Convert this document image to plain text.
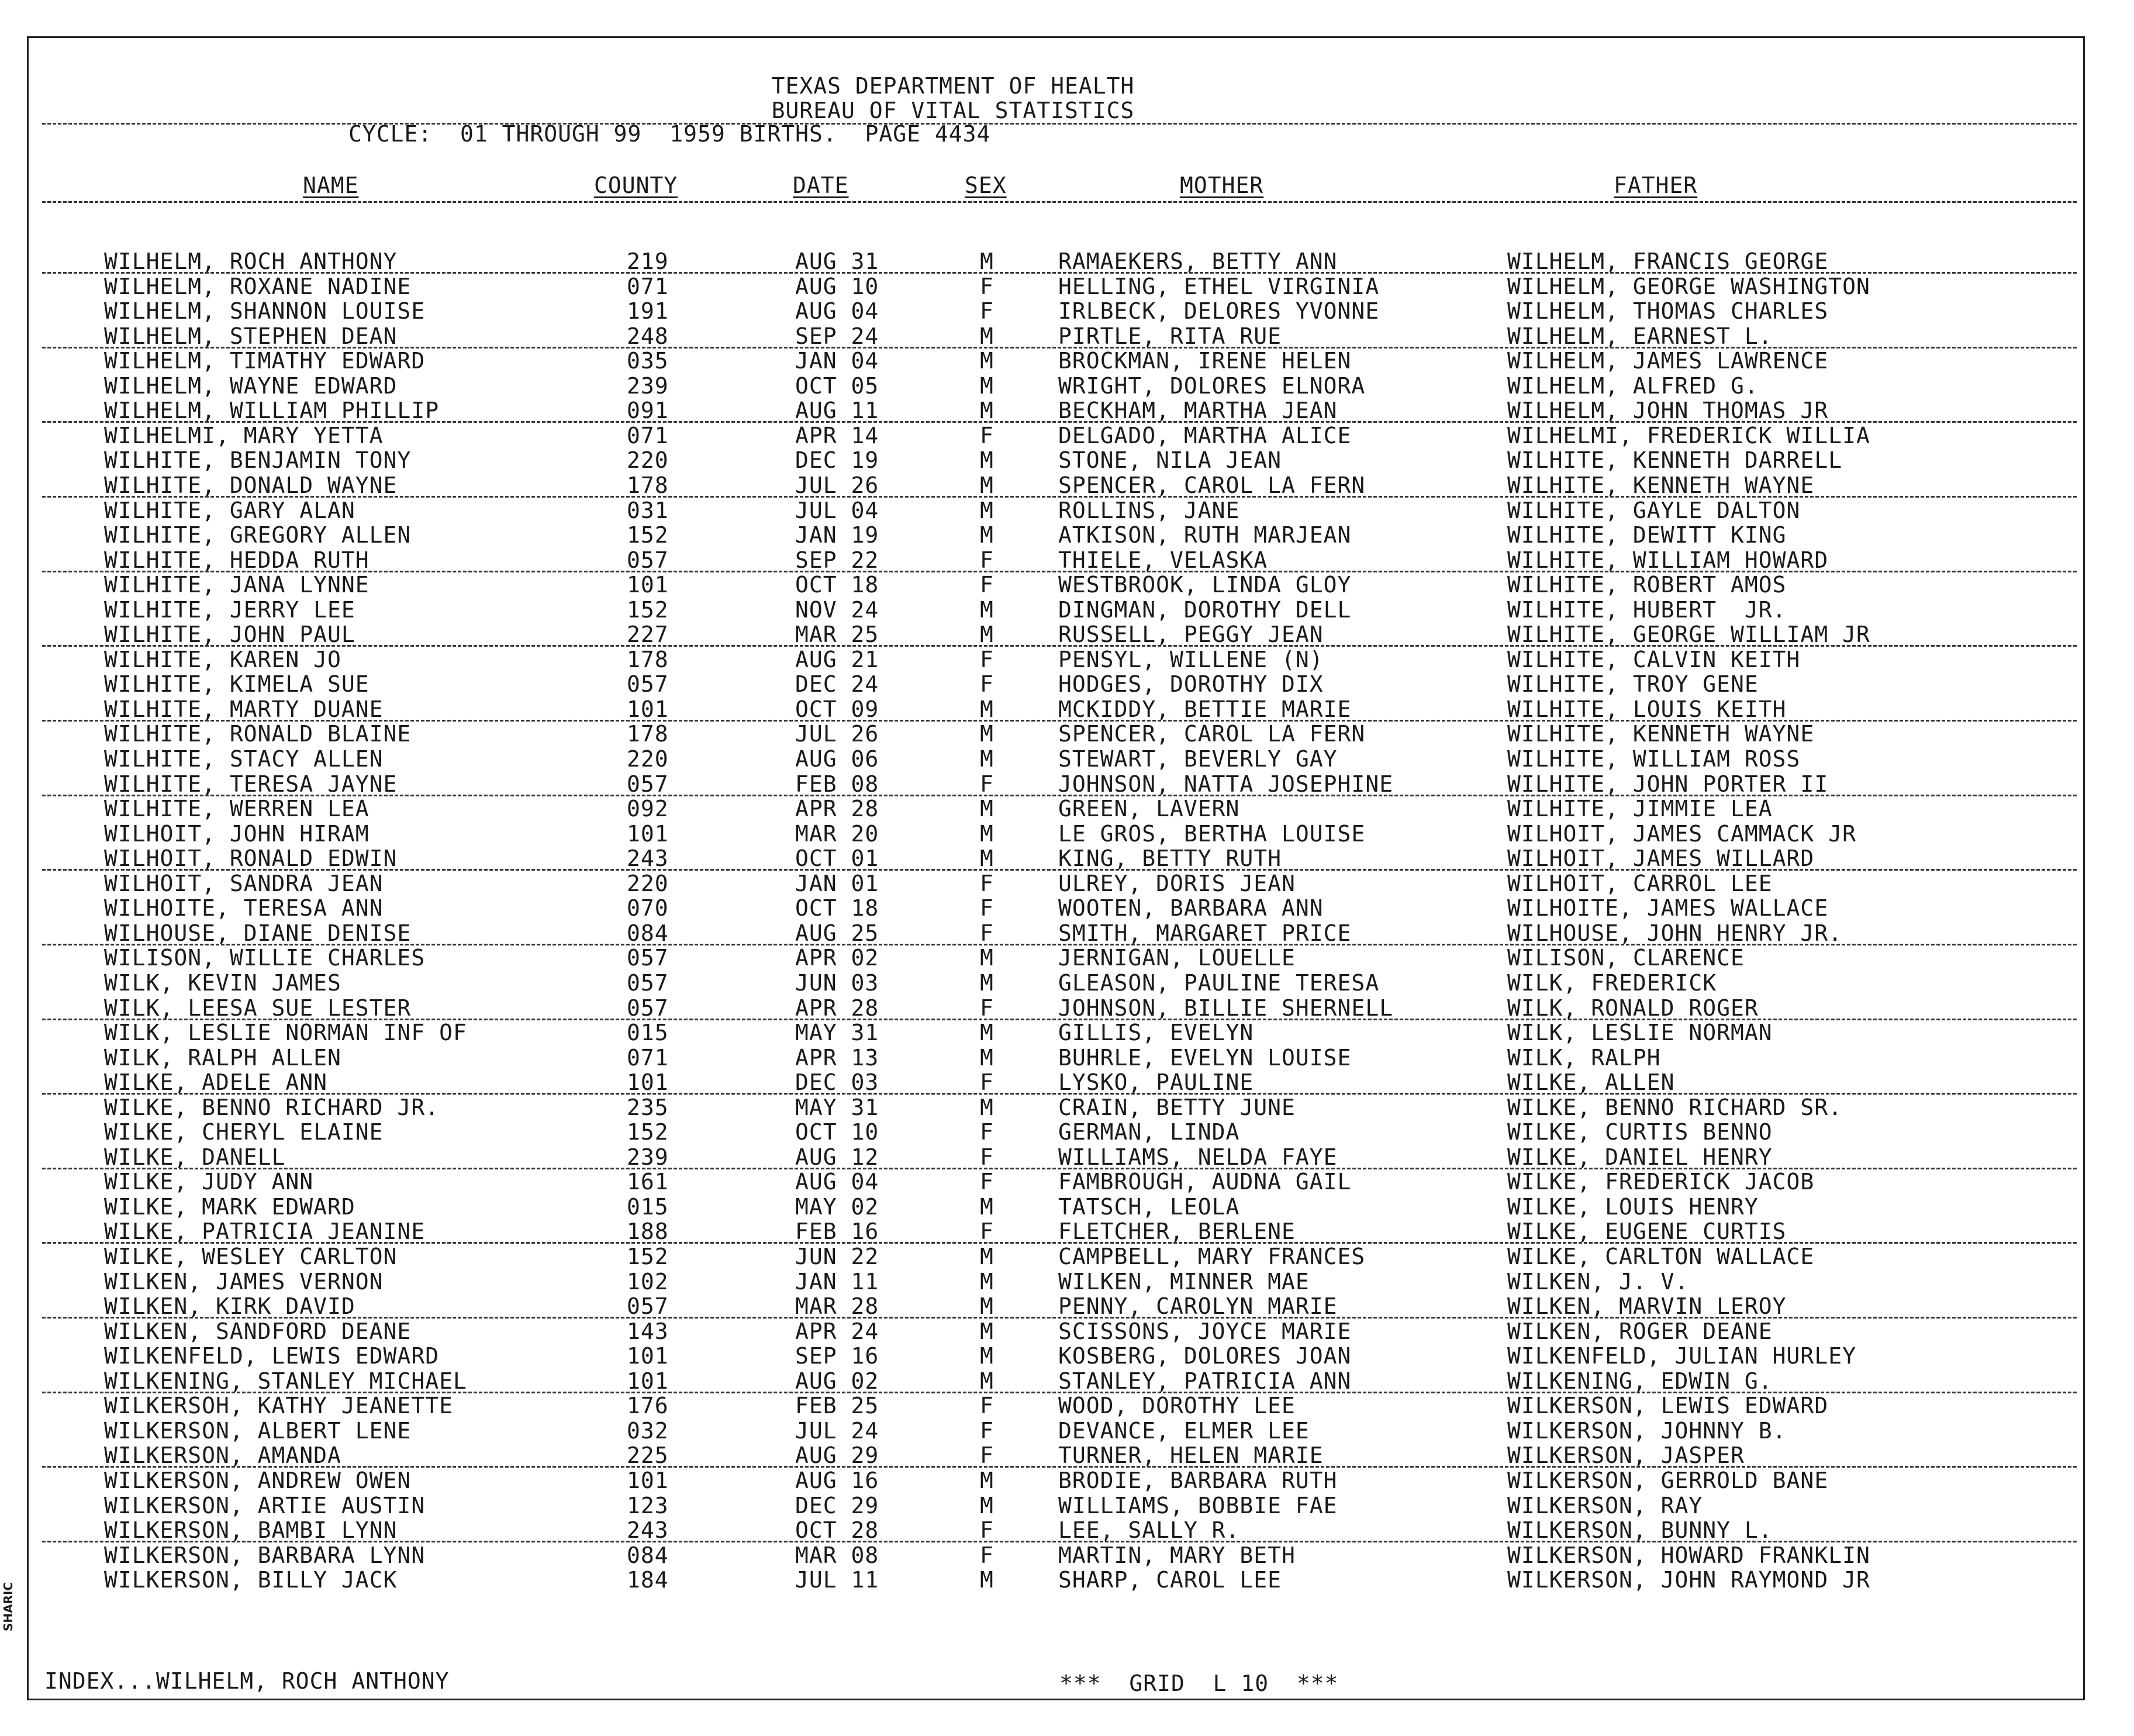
TEXAS DEPARTMENT OF HEALTH
BUREAU OF VITAL STATISTICS
CYCLE:  01 THROUGH 99  1959 BIRTHS.  PAGE 4434
NAME	COUNTY	DATE	SEX	MOTHER	FATHER
WILHELM, ROCH ANTHONY	219	AUG 31	M	RAMAEKERS, BETTY ANN	WILHELM, FRANCIS GEORGE
WILHELM, ROXANE NADINE	071	AUG 10	F	HELLING, ETHEL VIRGINIA	WILHELM, GEORGE WASHINGTON
WILHELM, SHANNON LOUISE	191	AUG 04	F	IRLBECK, DELORES YVONNE	WILHELM, THOMAS CHARLES
WILHELM, STEPHEN DEAN	248	SEP 24	M	PIRTLE, RITA RUE	WILHELM, EARNEST L.
WILHELM, TIMATHY EDWARD	035	JAN 04	M	BROCKMAN, IRENE HELEN	WILHELM, JAMES LAWRENCE
WILHELM, WAYNE EDWARD	239	OCT 05	M	WRIGHT, DOLORES ELNORA	WILHELM, ALFRED G.
WILHELM, WILLIAM PHILLIP	091	AUG 11	M	BECKHAM, MARTHA JEAN	WILHELM, JOHN THOMAS JR
WILHELMI, MARY YETTA	071	APR 14	F	DELGADO, MARTHA ALICE	WILHELMI, FREDERICK WILLIA
WILHITE, BENJAMIN TONY	220	DEC 19	M	STONE, NILA JEAN	WILHITE, KENNETH DARRELL
WILHITE, DONALD WAYNE	178	JUL 26	M	SPENCER, CAROL LA FERN	WILHITE, KENNETH WAYNE
WILHITE, GARY ALAN	031	JUL 04	M	ROLLINS, JANE	WILHITE, GAYLE DALTON
WILHITE, GREGORY ALLEN	152	JAN 19	M	ATKISON, RUTH MARJEAN	WILHITE, DEWITT KING
WILHITE, HEDDA RUTH	057	SEP 22	F	THIELE, VELASKA	WILHITE, WILLIAM HOWARD
WILHITE, JANA LYNNE	101	OCT 18	F	WESTBROOK, LINDA GLOY	WILHITE, ROBERT AMOS
WILHITE, JERRY LEE	152	NOV 24	M	DINGMAN, DOROTHY DELL	WILHITE, HUBERT  JR.
WILHITE, JOHN PAUL	227	MAR 25	M	RUSSELL, PEGGY JEAN	WILHITE, GEORGE WILLIAM JR
WILHITE, KAREN JO	178	AUG 21	F	PENSYL, WILLENE (N)	WILHITE, CALVIN KEITH
WILHITE, KIMELA SUE	057	DEC 24	F	HODGES, DOROTHY DIX	WILHITE, TROY GENE
WILHITE, MARTY DUANE	101	OCT 09	M	MCKIDDY, BETTIE MARIE	WILHITE, LOUIS KEITH
WILHITE, RONALD BLAINE	178	JUL 26	M	SPENCER, CAROL LA FERN	WILHITE, KENNETH WAYNE
WILHITE, STACY ALLEN	220	AUG 06	M	STEWART, BEVERLY GAY	WILHITE, WILLIAM ROSS
WILHITE, TERESA JAYNE	057	FEB 08	F	JOHNSON, NATTA JOSEPHINE	WILHITE, JOHN PORTER II
WILHITE, WERREN LEA	092	APR 28	M	GREEN, LAVERN	WILHITE, JIMMIE LEA
WILHOIT, JOHN HIRAM	101	MAR 20	M	LE GROS, BERTHA LOUISE	WILHOIT, JAMES CAMMACK JR
WILHOIT, RONALD EDWIN	243	OCT 01	M	KING, BETTY RUTH	WILHOIT, JAMES WILLARD
WILHOIT, SANDRA JEAN	220	JAN 01	F	ULREY, DORIS JEAN	WILHOIT, CARROL LEE
WILHOITE, TERESA ANN	070	OCT 18	F	WOOTEN, BARBARA ANN	WILHOITE, JAMES WALLACE
WILHOUSE, DIANE DENISE	084	AUG 25	F	SMITH, MARGARET PRICE	WILHOUSE, JOHN HENRY JR.
WILISON, WILLIE CHARLES	057	APR 02	M	JERNIGAN, LOUELLE	WILISON, CLARENCE
WILK, KEVIN JAMES	057	JUN 03	M	GLEASON, PAULINE TERESA	WILK, FREDERICK
WILK, LEESA SUE LESTER	057	APR 28	F	JOHNSON, BILLIE SHERNELL	WILK, RONALD ROGER
WILK, LESLIE NORMAN INF OF	015	MAY 31	M	GILLIS, EVELYN	WILK, LESLIE NORMAN
WILK, RALPH ALLEN	071	APR 13	M	BUHRLE, EVELYN LOUISE	WILK, RALPH
WILKE, ADELE ANN	101	DEC 03	F	LYSKO, PAULINE	WILKE, ALLEN
WILKE, BENNO RICHARD JR.	235	MAY 31	M	CRAIN, BETTY JUNE	WILKE, BENNO RICHARD SR.
WILKE, CHERYL ELAINE	152	OCT 10	F	GERMAN, LINDA	WILKE, CURTIS BENNO
WILKE, DANELL	239	AUG 12	F	WILLIAMS, NELDA FAYE	WILKE, DANIEL HENRY
WILKE, JUDY ANN	161	AUG 04	F	FAMBROUGH, AUDNA GAIL	WILKE, FREDERICK JACOB
WILKE, MARK EDWARD	015	MAY 02	M	TATSCH, LEOLA	WILKE, LOUIS HENRY
WILKE, PATRICIA JEANINE	188	FEB 16	F	FLETCHER, BERLENE	WILKE, EUGENE CURTIS
WILKE, WESLEY CARLTON	152	JUN 22	M	CAMPBELL, MARY FRANCES	WILKE, CARLTON WALLACE
WILKEN, JAMES VERNON	102	JAN 11	M	WILKEN, MINNER MAE	WILKEN, J. V.
WILKEN, KIRK DAVID	057	MAR 28	M	PENNY, CAROLYN MARIE	WILKEN, MARVIN LEROY
WILKEN, SANDFORD DEANE	143	APR 24	M	SCISSONS, JOYCE MARIE	WILKEN, ROGER DEANE
WILKENFELD, LEWIS EDWARD	101	SEP 16	M	KOSBERG, DOLORES JOAN	WILKENFELD, JULIAN HURLEY
WILKENING, STANLEY MICHAEL	101	AUG 02	M	STANLEY, PATRICIA ANN	WILKENING, EDWIN G.
WILKERSOH, KATHY JEANETTE	176	FEB 25	F	WOOD, DOROTHY LEE	WILKERSON, LEWIS EDWARD
WILKERSON, ALBERT LENE	032	JUL 24	F	DEVANCE, ELMER LEE	WILKERSON, JOHNNY B.
WILKERSON, AMANDA	225	AUG 29	F	TURNER, HELEN MARIE	WILKERSON, JASPER
WILKERSON, ANDREW OWEN	101	AUG 16	M	BRODIE, BARBARA RUTH	WILKERSON, GERROLD BANE
WILKERSON, ARTIE AUSTIN	123	DEC 29	M	WILLIAMS, BOBBIE FAE	WILKERSON, RAY
WILKERSON, BAMBI LYNN	243	OCT 28	F	LEE, SALLY R.	WILKERSON, BUNNY L.
WILKERSON, BARBARA LYNN	084	MAR 08	F	MARTIN, MARY BETH	WILKERSON, HOWARD FRANKLIN
WILKERSON, BILLY JACK	184	JUL 11	M	SHARP, CAROL LEE	WILKERSON, JOHN RAYMOND JR
INDEX...WILHELM, ROCH ANTHONY	***  GRID  L 10  ***
SHARIC
